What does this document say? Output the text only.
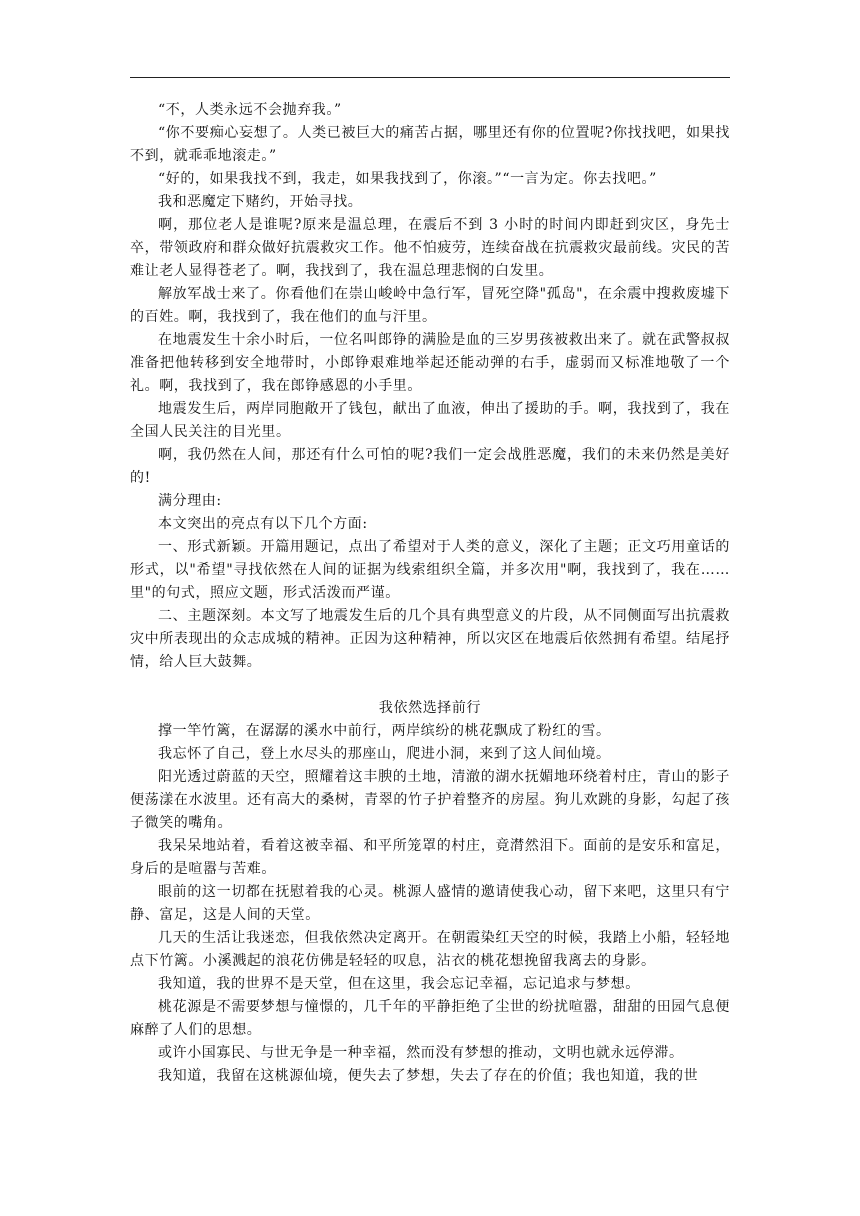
“不，人类永远不会抛弃我。”

“你不要痴心妄想了。人类已被巨大的痛苦占据，哪里还有你的位置呢?你找找吧，如果找不到，就乖乖地滚走。”

“好的，如果我找不到，我走，如果我找到了，你滚。”“一言为定。你去找吧。”

我和恶魔定下赌约，开始寻找。

啊，那位老人是谁呢?原来是温总理，在震后不到 3 小时的时间内即赶到灾区，身先士卒，带领政府和群众做好抗震救灾工作。他不怕疲劳，连续奋战在抗震救灾最前线。灾民的苦难让老人显得苍老了。啊，我找到了，我在温总理悲悯的白发里。

解放军战士来了。你看他们在崇山峻岭中急行军，冒死空降"孤岛"，在余震中搜救废墟下的百姓。啊，我找到了，我在他们的血与汗里。

在地震发生十余小时后，一位名叫郎铮的满脸是血的三岁男孩被救出来了。就在武警叔叔准备把他转移到安全地带时，小郎铮艰难地举起还能动弹的右手，虚弱而又标准地敬了一个礼。啊，我找到了，我在郎铮感恩的小手里。

地震发生后，两岸同胞敞开了钱包，献出了血液，伸出了援助的手。啊，我找到了，我在全国人民关注的目光里。

啊，我仍然在人间，那还有什么可怕的呢?我们一定会战胜恶魔，我们的未来仍然是美好的!

满分理由:

本文突出的亮点有以下几个方面:

一、形式新颖。开篇用题记，点出了希望对于人类的意义，深化了主题；正文巧用童话的形式，以"希望"寻找依然在人间的证据为线索组织全篇，并多次用"啊，我找到了，我在……里"的句式，照应文题，形式活泼而严谨。

二、主题深刻。本文写了地震发生后的几个具有典型意义的片段，从不同侧面写出抗震救灾中所表现出的众志成城的精神。正因为这种精神，所以灾区在地震后依然拥有希望。结尾抒情，给人巨大鼓舞。

我依然选择前行

撑一竿竹篱，在潺潺的溪水中前行，两岸缤纷的桃花飘成了粉红的雪。

我忘怀了自己，登上水尽头的那座山，爬进小洞，来到了这人间仙境。

阳光透过蔚蓝的天空，照耀着这丰腴的土地，清澈的湖水抚媚地环绕着村庄，青山的影子便荡漾在水波里。还有高大的桑树，青翠的竹子护着整齐的房屋。狗儿欢跳的身影，勾起了孩子微笑的嘴角。

我呆呆地站着，看着这被幸福、和平所笼罩的村庄，竟潸然泪下。面前的是安乐和富足，身后的是喧嚣与苦难。

眼前的这一切都在抚慰着我的心灵。桃源人盛情的邀请使我心动，留下来吧，这里只有宁静、富足，这是人间的天堂。

几天的生活让我迷恋，但我依然决定离开。在朝霞染红天空的时候，我踏上小船，轻轻地点下竹篱。小溪溅起的浪花仿佛是轻轻的叹息，沾衣的桃花想挽留我离去的身影。

我知道，我的世界不是天堂，但在这里，我会忘记幸福，忘记追求与梦想。

桃花源是不需要梦想与憧憬的，几千年的平静拒绝了尘世的纷扰喧嚣，甜甜的田园气息便麻醉了人们的思想。

或许小国寡民、与世无争是一种幸福，然而没有梦想的推动，文明也就永远停滞。

我知道，我留在这桃源仙境，便失去了梦想，失去了存在的价值；我也知道，我的世
